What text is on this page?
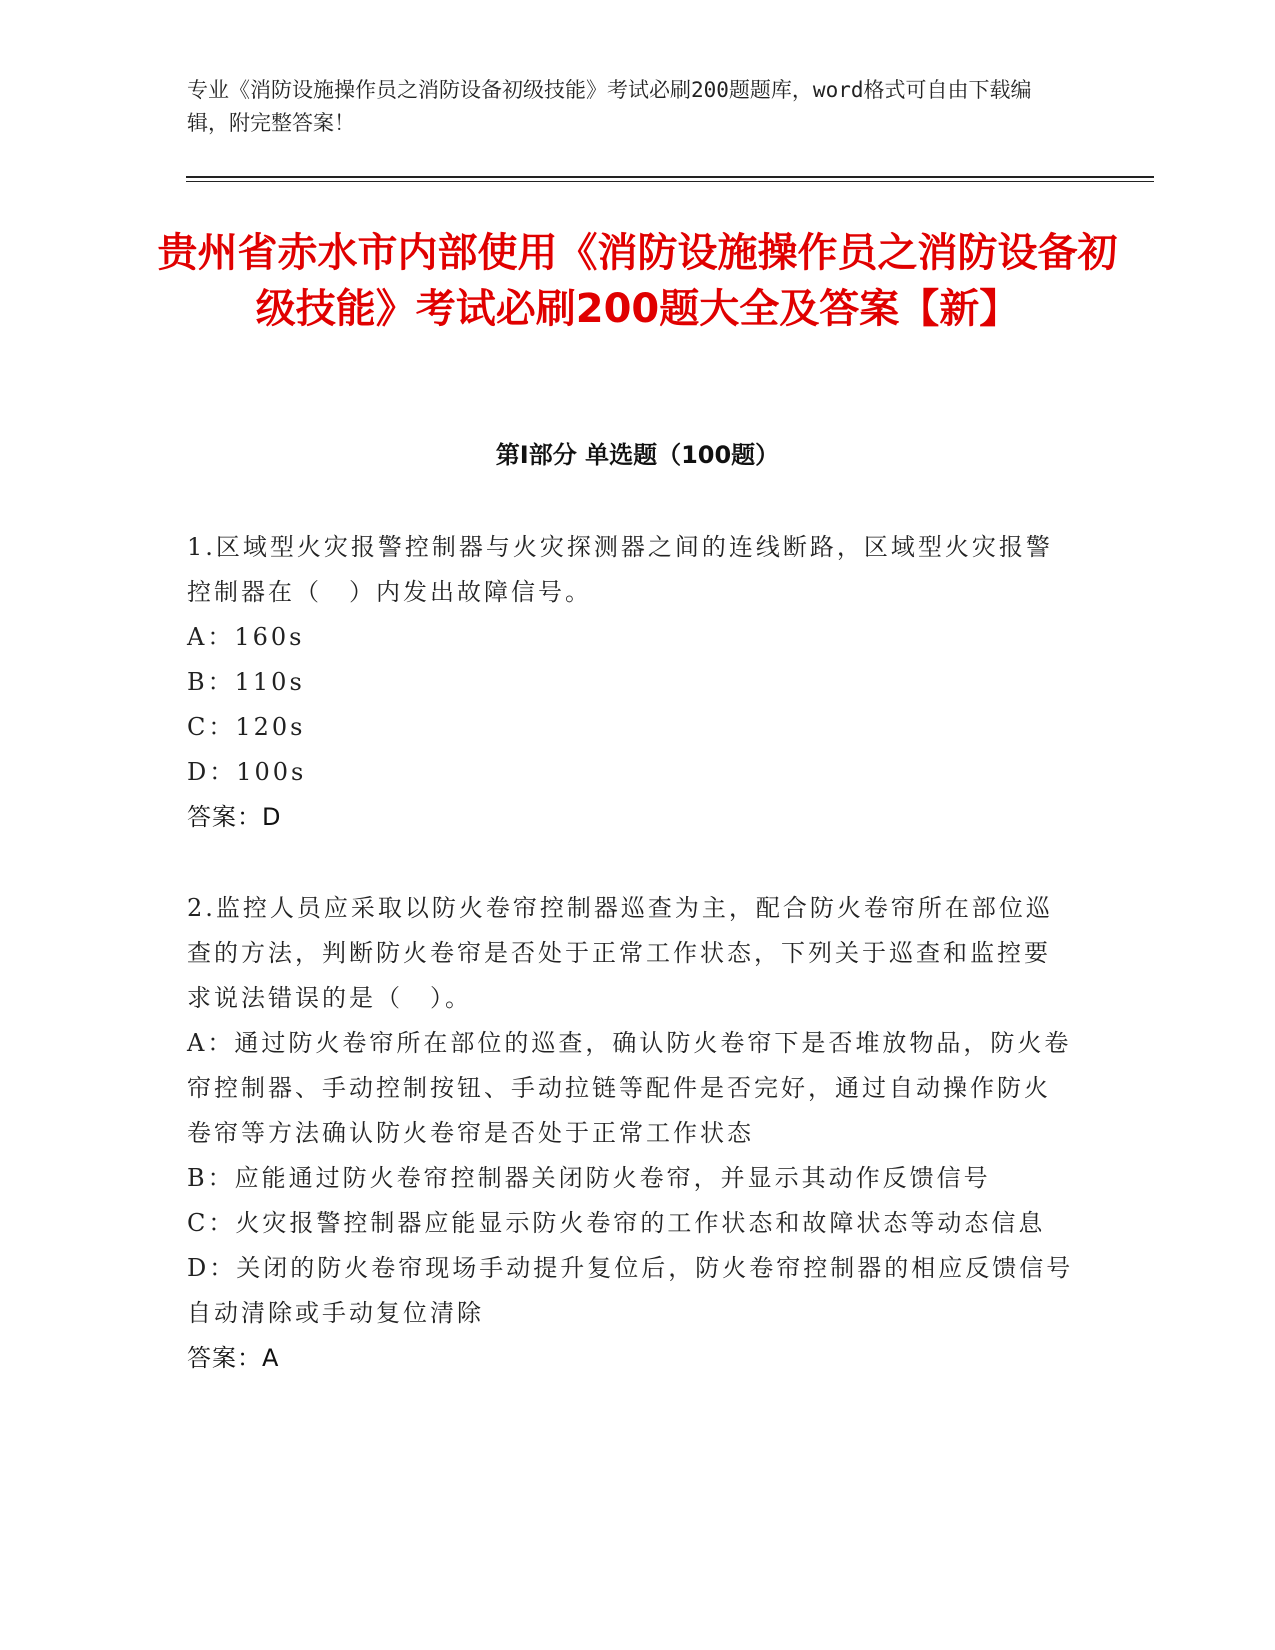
专业《消防设施操作员之消防设备初级技能》考试必刷200题题库，word格式可自由下载编辑，附完整答案！

贵州省赤水市内部使用《消防设施操作员之消防设备初级技能》考试必刷200题大全及答案【新】
第I部分 单选题（100题）

1.区域型火灾报警控制器与火灾探测器之间的连线断路，区域型火灾报警控制器在（　）内发出故障信号。

A：160s

B：110s

C：120s

D：100s

答案：D

2.监控人员应采取以防火卷帘控制器巡查为主，配合防火卷帘所在部位巡查的方法，判断防火卷帘是否处于正常工作状态，下列关于巡查和监控要求说法错误的是（　）。

A：通过防火卷帘所在部位的巡查，确认防火卷帘下是否堆放物品，防火卷帘控制器、手动控制按钮、手动拉链等配件是否完好，通过自动操作防火卷帘等方法确认防火卷帘是否处于正常工作状态

B：应能通过防火卷帘控制器关闭防火卷帘，并显示其动作反馈信号

C：火灾报警控制器应能显示防火卷帘的工作状态和故障状态等动态信息

D：关闭的防火卷帘现场手动提升复位后，防火卷帘控制器的相应反馈信号自动清除或手动复位清除

答案：A
